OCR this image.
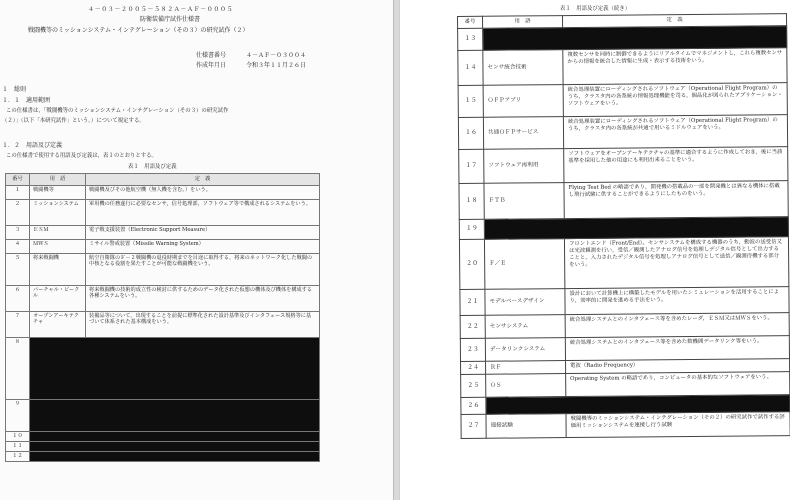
４－０３－２００５－５８２Ａ－ＡＦ－０００５
防衛装備庁試作仕様書
戦闘機等のミッションシステム・インテグレーション（その３）の研究試作（２）
仕様書番号	４－ＡＦ－０３００４
作成年月日	令和３年１１月２６日
１　総則
１．１　適用範囲
この仕様書は，「戦闘機等のミッションシステム・インテグレーション（その３）の研究試作
（２）」（以下「本研究試作」という。）について規定する。
１．２　用語及び定義
この仕様書で使用する用語及び定義は，表１のとおりとする。
表１　用語及び定義
番号	用　語	定　義
１	戦闘機等	戦闘機及びその他航空機（無人機を含む。）をいう。
２	ミッションシステム	軍用機の任務遂行に必要なセンサ，信号処理部，ソフトウェア等で構成されるシステムをいう。
３	ＥＳＭ	電子戦支援装置（Electronic Support Measure）
４	ＭＷＳ	ミサイル警戒装置（Missile Warning System）
５	将来戦闘機	航空自衛隊のＦ－２戦闘機の退役時期までを目途に取得する，将来のネットワーク化した戦闘の中核となる役割を果たすことが可能な戦闘機をいう。
６	バーチャル・ビークル	将来戦闘機の技術的成立性の検討に供するためのデータ化された仮想の機体及び機体を構成する各種システムをいう。
７	オープンアーキテクチャ	装備品等について，出現することを前提に標準化された設計基準及びインタフェース規格等に基づいて体系された基本構成をいう。
８		
９		
１０		
１１		
１２		
表１　用語及び定義（続き）
番号	用　語	定　義
１３		
１４	センサ統合技術	複数センサを同時に制御できるようにリアルタイムでマネジメントし，これら複数センサからの情報を統合した情報に生成・表示する技術をいう。
１５	ＯＦＰアプリ	統合処理装置にローディングされるソフトウェア（Operational Flight Program）のうち，クラスタ内の各系統の情報処理機能を司る，個品化が図られたアプリケーション・ソフトウェアをいう。
１６	共通ＯＦＰサービス	統合処理装置にローディングされるソフトウェア（Operational Flight Program）のうち，クラスタ内の各系統が共通で用いるミドルウェアをいう。
１７	ソフトウェア再利用	ソフトウェアをオープンアーキテクチャの基準に適合するように作成しておき，後に当該基準を採用した他の用途にも利用出来ることをいう。
１８	ＦＴＢ	Flying Test Bed の略語であり，開発機の搭載品の一部を開発機とは異なる機体に搭載し飛行試験に供することができるようにしたものをいう。
１９		
２０	Ｆ／Ｅ	フロントエンド（Front/End）。センサシステムを構成する機器のうち，動波の送受信又は光波観測を行い，受信／観測したアナログ信号を処理しデジタル信号として出力することと，入力されたデジタル信号を処理しアナログ信号として送信／観測待機する部分をいう。
２１	モデルベースデザイン	設計において計算機上に構築したモデルを用いたシミュレーションを活用することにより，効率的に開発を進める手法をいう。
２２	センサシステム	統合処理システムとのインタフェース等を含めたレーダ，ＥＳＭ又はＭＷＳをいう。
２３	データリンクシステム	統合処理システムとのインタフェース等を含めた数機間データリンク等をいう。
２４	ＲＦ	電波（Radio Frequency）
２５	ＯＳ	Operating System の略語であり，コンピュータの基本的なソフトウェアをいう。
２６		
２７	連接試験	戦闘機等のミッションシステム・インテグレーション（その２）の研究試作で試作する評価用ミッションシステムを連接し行う試験
